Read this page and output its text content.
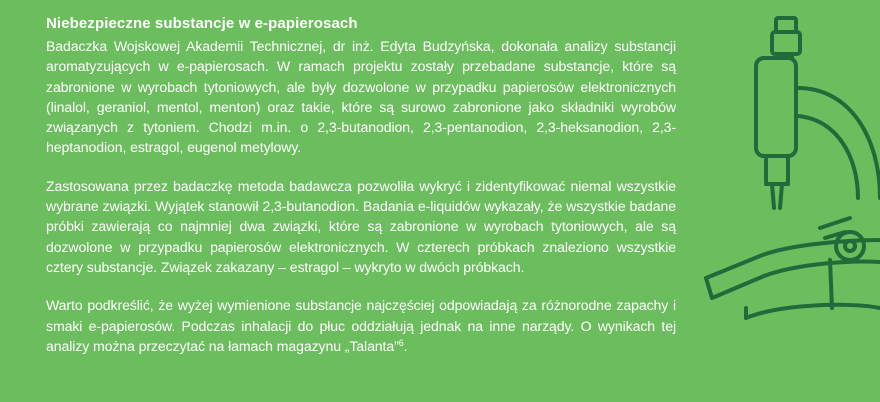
Niebezpieczne substancje w e-papierosach

Badaczka Wojskowej Akademii Technicznej, dr inż. Edyta Budzyńska, dokonała analizy substancji aromatyzujących w e-papierosach. W ramach projektu zostały przebadane substancje, które są zabronione w wyrobach tytoniowych, ale były dozwolone w przypadku papierosów elektronicznych (linalol, geraniol, mentol, menton) oraz takie, które są surowo zabronione jako składniki wyrobów związanych z tytoniem. Chodzi m.in. o 2,3-butanodion, 2,3-pentanodion, 2,3-heksanodion, 2,3-heptanodion, estragol, eugenol metylowy.

Zastosowana przez badaczkę metoda badawcza pozwoliła wykryć i zidentyfikować niemal wszystkie wybrane związki. Wyjątek stanowił 2,3-butanodion. Badania e-liquidów wykazały, że wszystkie badane próbki zawierają co najmniej dwa związki, które są zabronione w wyrobach tytoniowych, ale są dozwolone w przypadku papierosów elektronicznych. W czterech próbkach znaleziono wszystkie cztery substancje. Związek zakazany – estragol – wykryto w dwóch próbkach.

Warto podkreślić, że wyżej wymienione substancje najczęściej odpowiadają za różnorodne zapachy i smaki e-papierosów. Podczas inhalacji do płuc oddziałują jednak na inne narządy. O wynikach tej analizy można przeczytać na łamach magazynu „Talanta”$^6$.
